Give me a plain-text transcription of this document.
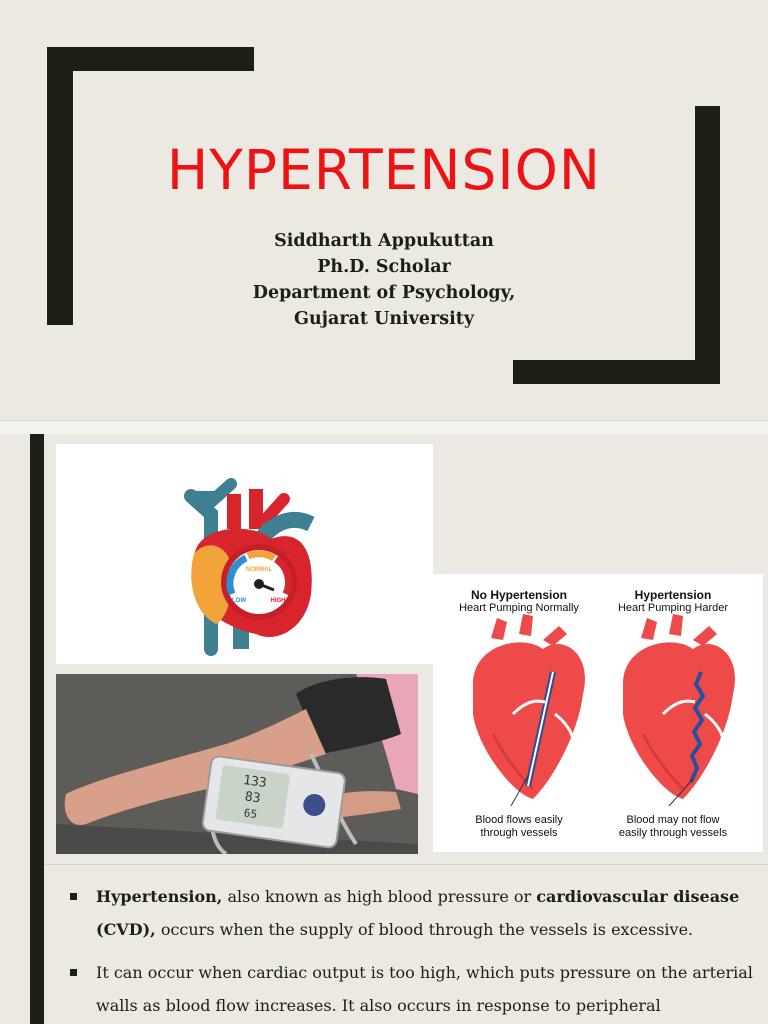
HYPERTENSION
Siddharth Appukuttan
Ph.D. Scholar
Department of Psychology,
Gujarat University
NORMAL
LOW	HIGH
133
83
65
No Hypertension
Heart Pumping Normally
Hypertension
Heart Pumping Harder
Blood flows easily
through vessels
Blood may not flow
easily through vessels
Hypertension, also known as high blood pressure or cardiovascular disease (CVD), occurs when the supply of blood through the vessels is excessive.
It can occur when cardiac output is too high, which puts pressure on the arterial walls as blood flow increases. It also occurs in response to peripheral
